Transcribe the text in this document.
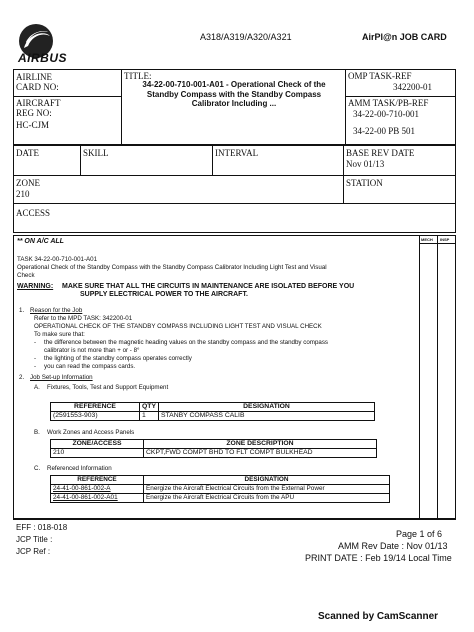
AIRBUS
A318/A319/A320/A321	AirPl@n JOB CARD
AIRLINE
CARD NO:
AIRCRAFT
REG NO:
HC-CJM
TITLE:
34-22-00-710-001-A01 - Operational Check of the
Standby Compass with the Standby Compass
Calibrator Including ...
OMP TASK-REF
342200-01
AMM TASK/PB-REF
34-22-00-710-001
34-22-00 PB 501
DATE	SKILL	INTERVAL	BASE REV DATE
Nov 01/13
ZONE
210
STATION
ACCESS
MECH INSP
** ON A/C ALL
TASK 34-22-00-710-001-A01
Operational Check of the Standby Compass with the Standby Compass Calibrator Including Light Test and Visual
Check
WARNING: MAKE SURE THAT ALL THE CIRCUITS IN MAINTENANCE ARE ISOLATED BEFORE YOU
SUPPLY ELECTRICAL POWER TO THE AIRCRAFT.
1. Reason for the Job
Refer to the MPD TASK: 342200-01
OPERATIONAL CHECK OF THE STANDBY COMPASS INCLUDING LIGHT TEST AND VISUAL CHECK
To make sure that:
- the difference between the magnetic heading values on the standby compass and the standby compass
calibrator is not more than + or - 8°
- the lighting of the standby compass operates correctly
- you can read the compass cards.
2. Job Set-up Information
A. Fixtures, Tools, Test and Support Equipment
REFERENCE	QTY	DESIGNATION
(2591553-903)	1	STANBY COMPASS CALIB
B. Work Zones and Access Panels
ZONE/ACCESS	ZONE DESCRIPTION
210	CKPT,FWD COMPT BHD TO FLT COMPT BULKHEAD
C. Referenced Information
REFERENCE	DESIGNATION
24-41-00-861-002-A	Energize the Aircraft Electrical Circuits from the External Power
24-41-00-861-002-A01	Energize the Aircraft Electrical Circuits from the APU
EFF : 018-018
JCP Title :
JCP Ref :
Page 1 of 6
AMM Rev Date : Nov 01/13
PRINT DATE : Feb 19/14 Local Time
Scanned by CamScanner
